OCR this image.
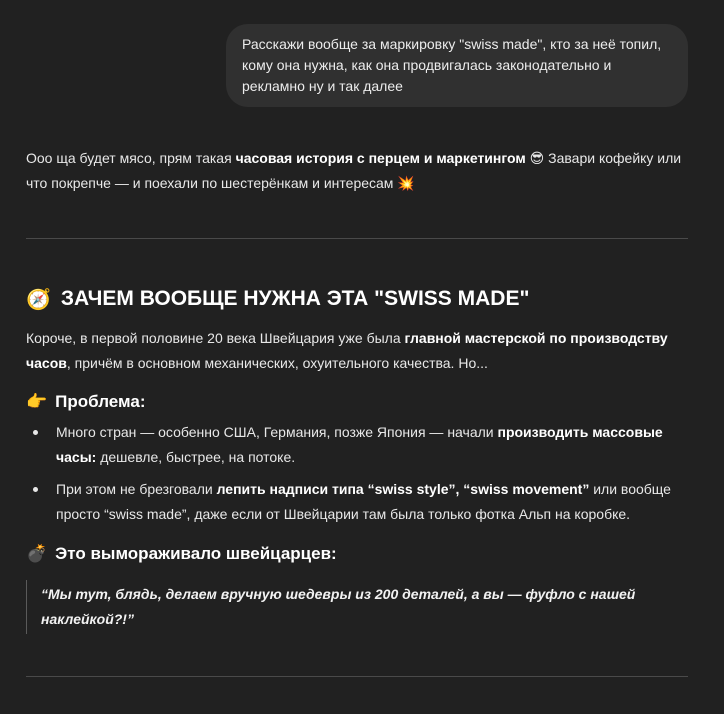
Расскажи вообще за маркировку "swiss made", кто за неё топил, кому она нужна, как она продвигалась законодательно и рекламно ну и так далее

Ооо ща будет мясо, прям такая часовая история с перцем и маркетингом 😎 Завари кофейку или что покрепче — и поехали по шестерёнкам и интересам 💥

🧭 ЗАЧЕМ ВООБЩЕ НУЖНА ЭТА "SWISS MADE"

Короче, в первой половине 20 века Швейцария уже была главной мастерской по производству часов, причём в основном механических, охуительного качества. Но...

👉 Проблема:
Много стран — особенно США, Германия, позже Япония — начали производить массовые часы: дешевле, быстрее, на потоке.
При этом не брезговали лепить надписи типа “swiss style”, “swiss movement” или вообще просто “swiss made”, даже если от Швейцарии там была только фотка Альп на коробке.
💣 Это вымораживало швейцарцев:

“Мы тут, блядь, делаем вручную шедевры из 200 деталей, а вы — фуфло с нашей наклейкой?!”
